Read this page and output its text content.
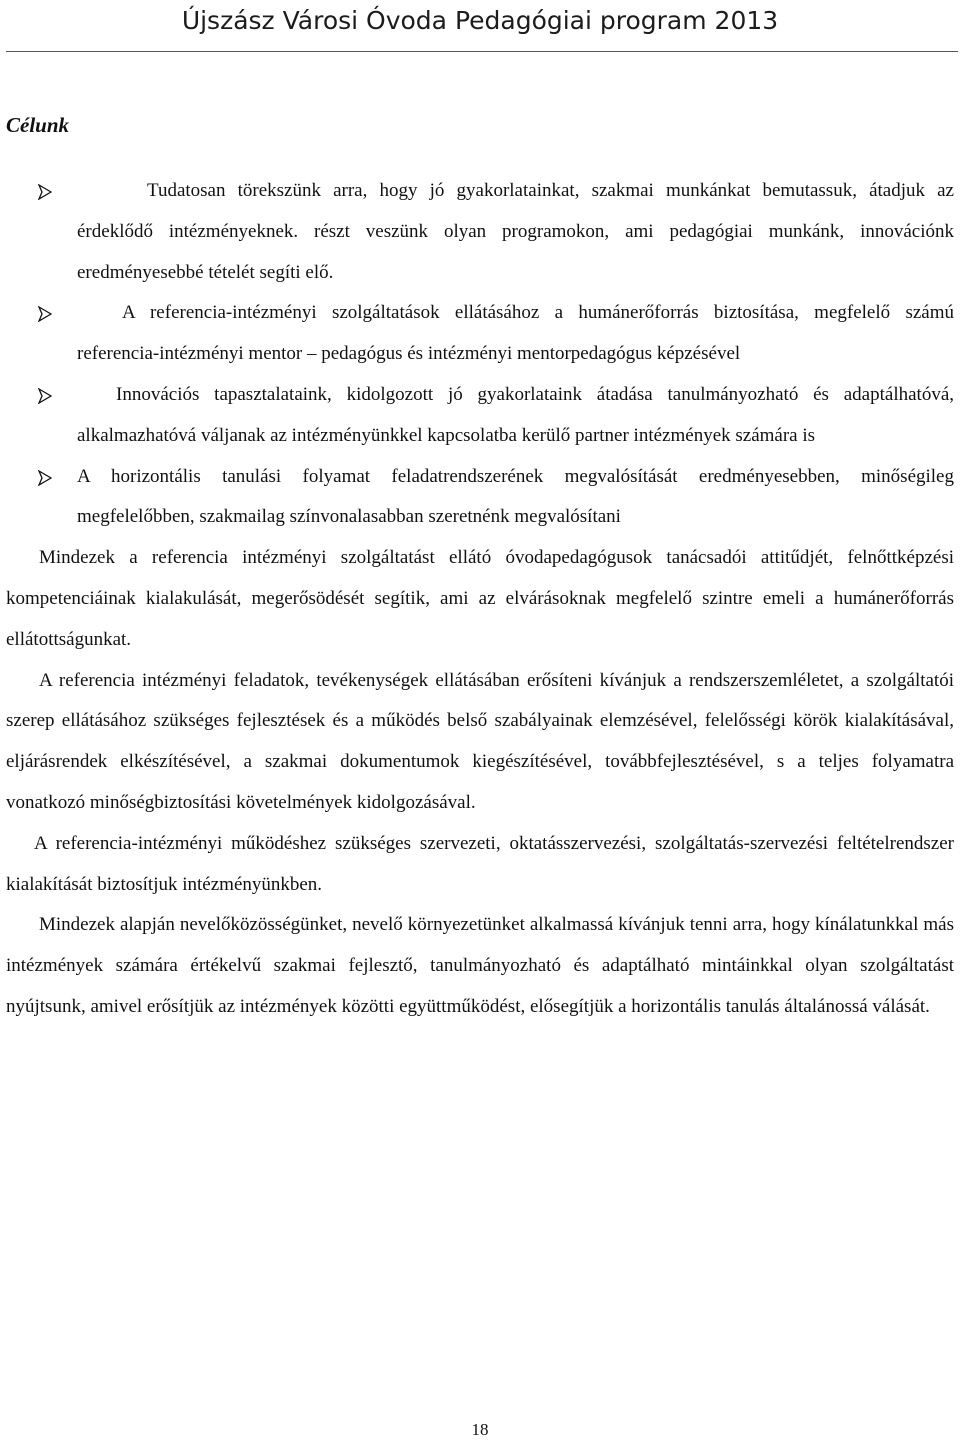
Újszász Városi Óvoda Pedagógiai program 2013
Célunk
Tudatosan törekszünk arra, hogy jó gyakorlatainkat, szakmai munkánkat bemutassuk, átadjuk az érdeklődő intézményeknek. részt veszünk olyan programokon, ami pedagógiai munkánk, innovációnk eredményesebbé tételét segíti elő.
A referencia-intézményi szolgáltatások ellátásához a humánerőforrás biztosítása, megfelelő számú referencia-intézményi mentor – pedagógus és intézményi mentorpedagógus képzésével
Innovációs tapasztalataink, kidolgozott jó gyakorlataink átadása tanulmányozható és adaptálhatóvá, alkalmazhatóvá váljanak az intézményünkkel kapcsolatba kerülő partner intézmények számára is
A horizontális tanulási folyamat feladatrendszerének megvalósítását eredményesebben, minőségileg megfelelőbben, szakmailag színvonalasabban szeretnénk megvalósítani

Mindezek a referencia intézményi szolgáltatást ellátó óvodapedagógusok tanácsadói attitűdjét, felnőttképzési kompetenciáinak kialakulását, megerősödését segítik, ami az elvárásoknak megfelelő szintre emeli a humánerőforrás ellátottságunkat.

A referencia intézményi feladatok, tevékenységek ellátásában erősíteni kívánjuk a rendszerszemléletet, a szolgáltatói szerep ellátásához szükséges fejlesztések és a működés belső szabályainak elemzésével, felelősségi körök kialakításával, eljárásrendek elkészítésével, a szakmai dokumentumok kiegészítésével, továbbfejlesztésével, s a teljes folyamatra vonatkozó minőségbiztosítási követelmények kidolgozásával.

A referencia-intézményi működéshez szükséges szervezeti, oktatásszervezési, szolgáltatás-szervezési feltételrendszer kialakítását biztosítjuk intézményünkben.

Mindezek alapján nevelőközösségünket, nevelő környezetünket alkalmassá kívánjuk tenni arra, hogy kínálatunkkal más intézmények számára értékelvű szakmai fejlesztő, tanulmányozható és adaptálható mintáinkkal olyan szolgáltatást nyújtsunk, amivel erősítjük az intézmények közötti együttműködést, elősegítjük a horizontális tanulás általánossá válását.

18
